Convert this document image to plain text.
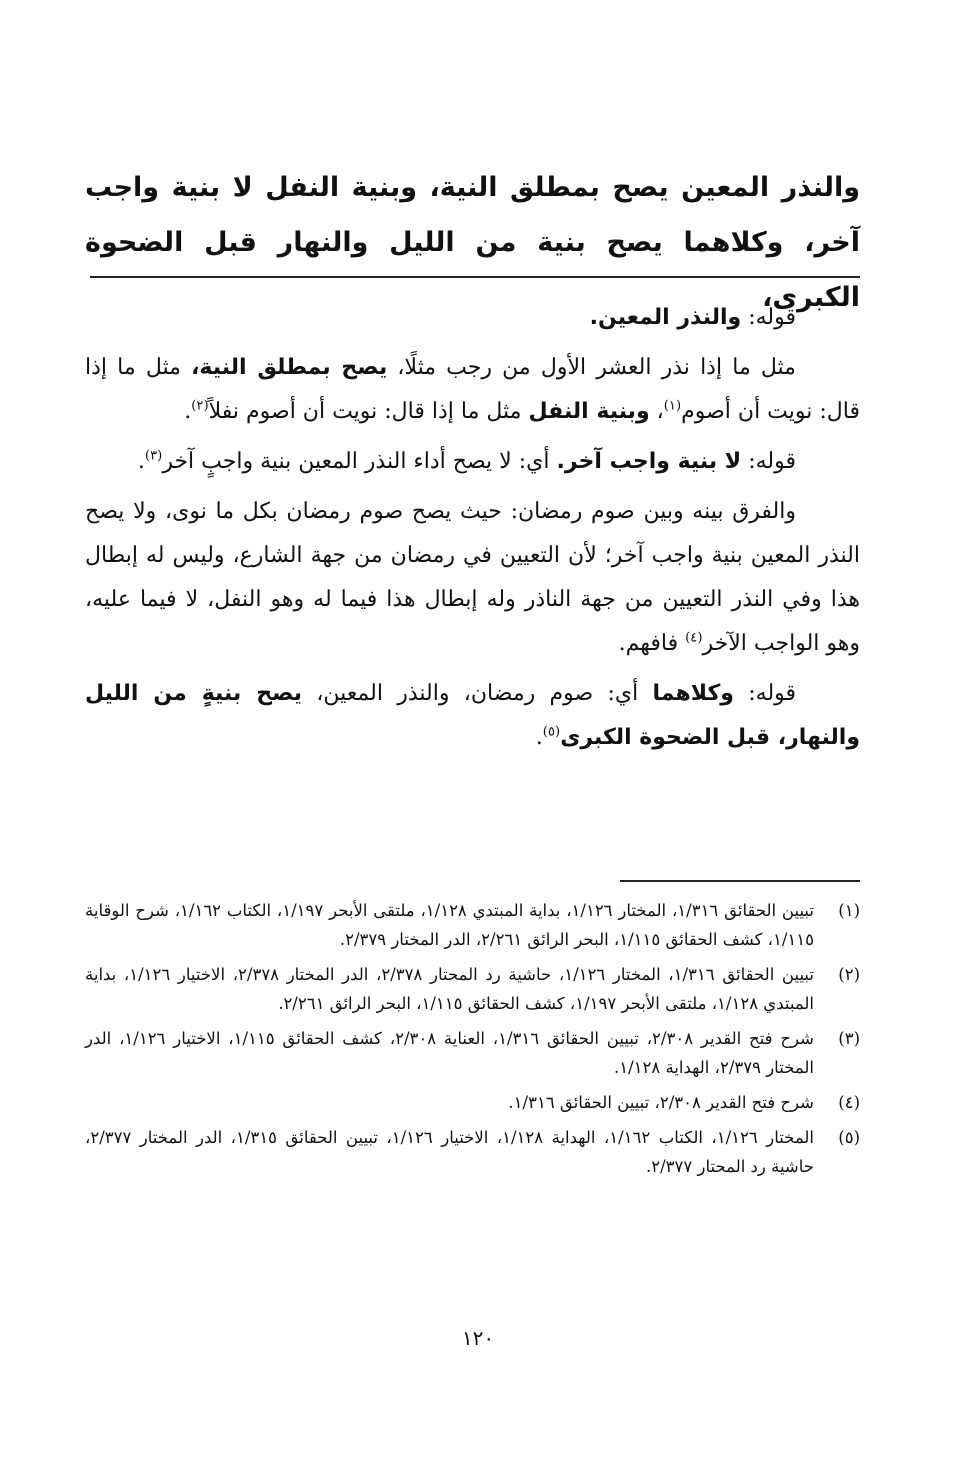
والنذر المعين يصح بمطلق النية، وبنية النفل لا بنية واجب آخر، وكلاهما يصح بنية من الليل والنهار قبل الضحوة الكبرى،

قوله: والنذر المعين.

مثل ما إذا نذر العشر الأول من رجب مثلًا، يصح بمطلق النية، مثل ما إذا قال: نويت أن أصوم$^{(١)}$، وبنية النفل مثل ما إذا قال: نويت أن أصوم نفلاً$^{(٢)}$.

قوله: لا بنية واجب آخر. أي: لا يصح أداء النذر المعين بنية واجبٍ آخر$^{(٣)}$.

والفرق بينه وبين صوم رمضان: حيث يصح صوم رمضان بكل ما نوى، ولا يصح النذر المعين بنية واجب آخر؛ لأن التعيين في رمضان من جهة الشارع، وليس له إبطال هذا وفي النذر التعيين من جهة الناذر وله إبطال هذا فيما له وهو النفل، لا فيما عليه، وهو الواجب الآخر$^{(٤)}$ فافهم.

قوله: وكلاهما أي: صوم رمضان، والنذر المعين، يصح بنيةٍ من الليل والنهار، قبل الضحوة الكبرى$^{(٥)}$.

(١)
تبيين الحقائق ١/٣١٦، المختار ١/١٢٦، بداية المبتدي ١/١٢٨، ملتقى الأبحر ١/١٩٧، الكتاب ١/١٦٢، شرح الوقاية ١/١١٥، كشف الحقائق ١/١١٥، البحر الرائق ٢/٢٦١، الدر المختار ٢/٣٧٩.
(٢)
تبيين الحقائق ١/٣١٦، المختار ١/١٢٦، حاشية رد المحتار ٢/٣٧٨، الدر المختار ٢/٣٧٨، الاختيار ١/١٢٦، بداية المبتدي ١/١٢٨، ملتقى الأبحر ١/١٩٧، كشف الحقائق ١/١١٥، البحر الرائق ٢/٢٦١.
(٣)
شرح فتح القدير ٢/٣٠٨، تبيين الحقائق ١/٣١٦، العناية ٢/٣٠٨، كشف الحقائق ١/١١٥، الاختيار ١/١٢٦، الدر المختار ٢/٣٧٩، الهداية ١/١٢٨.
(٤)
شرح فتح القدير ٢/٣٠٨، تبيين الحقائق ١/٣١٦.
(٥)
المختار ١/١٢٦، الكتاب ١/١٦٢، الهداية ١/١٢٨، الاختيار ١/١٢٦، تبيين الحقائق ١/٣١٥، الدر المختار ٢/٣٧٧، حاشية رد المحتار ٢/٣٧٧.
١٢٠
